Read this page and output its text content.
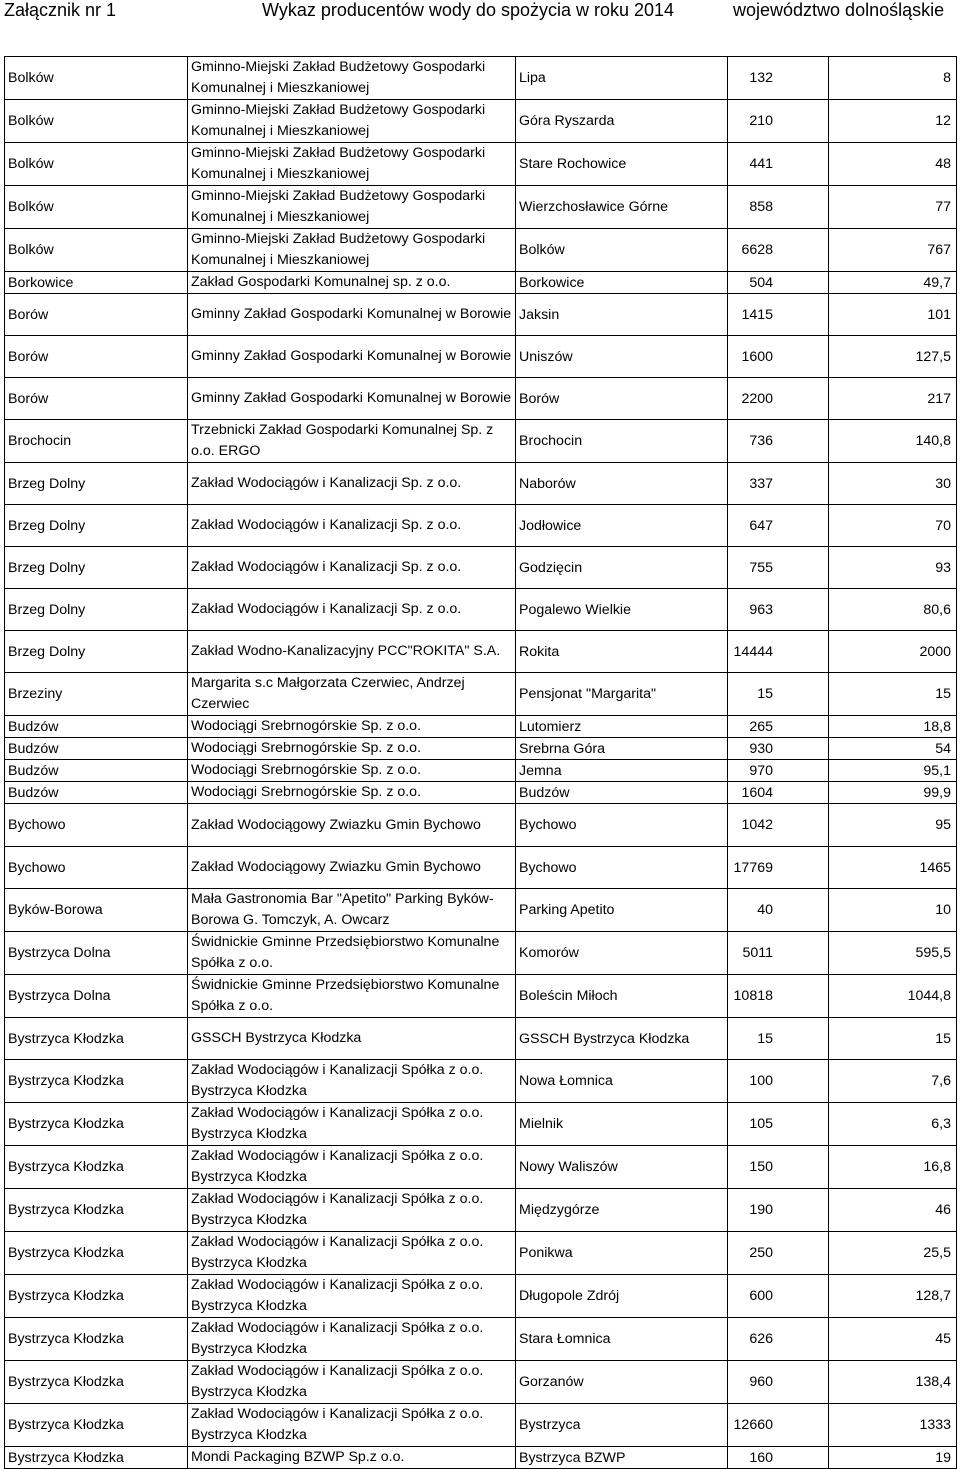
Załącznik nr 1	Wykaz producentów wody do spożycia w roku 2014	województwo dolnośląskie
Bolków	Gminno-Miejski Zakład Budżetowy Gospodarki Komunalnej i Mieszkaniowej	Lipa	132	8
Bolków	Gminno-Miejski Zakład Budżetowy Gospodarki Komunalnej i Mieszkaniowej	Góra Ryszarda	210	12
Bolków	Gminno-Miejski Zakład Budżetowy Gospodarki Komunalnej i Mieszkaniowej	Stare Rochowice	441	48
Bolków	Gminno-Miejski Zakład Budżetowy Gospodarki Komunalnej i Mieszkaniowej	Wierzchosławice Górne	858	77
Bolków	Gminno-Miejski Zakład Budżetowy Gospodarki Komunalnej i Mieszkaniowej	Bolków	6628	767
Borkowice	Zakład Gospodarki Komunalnej sp. z o.o.	Borkowice	504	49,7
Borów	Gminny Zakład Gospodarki Komunalnej w Borowie	Jaksin	1415	101
Borów	Gminny Zakład Gospodarki Komunalnej w Borowie	Uniszów	1600	127,5
Borów	Gminny Zakład Gospodarki Komunalnej w Borowie	Borów	2200	217
Brochocin	Trzebnicki Zakład Gospodarki Komunalnej Sp. z o.o. ERGO	Brochocin	736	140,8
Brzeg Dolny	Zakład Wodociągów i Kanalizacji Sp. z o.o.	Naborów	337	30
Brzeg Dolny	Zakład Wodociągów i Kanalizacji Sp. z o.o.	Jodłowice	647	70
Brzeg Dolny	Zakład Wodociągów i Kanalizacji Sp. z o.o.	Godzięcin	755	93
Brzeg Dolny	Zakład Wodociągów i Kanalizacji Sp. z o.o.	Pogalewo Wielkie	963	80,6
Brzeg Dolny	Zakład Wodno-Kanalizacyjny PCC"ROKITA" S.A.	Rokita	14444	2000
Brzeziny	Margarita s.c Małgorzata Czerwiec, Andrzej Czerwiec	Pensjonat "Margarita"	15	15
Budzów	Wodociągi Srebrnogórskie Sp. z o.o.	Lutomierz	265	18,8
Budzów	Wodociągi Srebrnogórskie Sp. z o.o.	Srebrna Góra	930	54
Budzów	Wodociągi Srebrnogórskie Sp. z o.o.	Jemna	970	95,1
Budzów	Wodociągi Srebrnogórskie Sp. z o.o.	Budzów	1604	99,9
Bychowo	Zakład Wodociągowy Zwiazku Gmin Bychowo	Bychowo	1042	95
Bychowo	Zakład Wodociągowy Zwiazku Gmin Bychowo	Bychowo	17769	1465
Byków-Borowa	Mała Gastronomia Bar "Apetito" Parking Byków-Borowa G. Tomczyk, A. Owcarz	Parking Apetito	40	10
Bystrzyca Dolna	Świdnickie Gminne Przedsiębiorstwo Komunalne Spółka z o.o.	Komorów	5011	595,5
Bystrzyca Dolna	Świdnickie Gminne Przedsiębiorstwo Komunalne Spółka z o.o.	Boleścin Miłoch	10818	1044,8
Bystrzyca Kłodzka	GSSCH Bystrzyca Kłodzka	GSSCH Bystrzyca Kłodzka	15	15
Bystrzyca Kłodzka	Zakład Wodociągów i Kanalizacji Spółka z o.o. Bystrzyca Kłodzka	Nowa Łomnica	100	7,6
Bystrzyca Kłodzka	Zakład Wodociągów i Kanalizacji Spółka z o.o. Bystrzyca Kłodzka	Mielnik	105	6,3
Bystrzyca Kłodzka	Zakład Wodociągów i Kanalizacji Spółka z o.o. Bystrzyca Kłodzka	Nowy Waliszów	150	16,8
Bystrzyca Kłodzka	Zakład Wodociągów i Kanalizacji Spółka z o.o. Bystrzyca Kłodzka	Międzygórze	190	46
Bystrzyca Kłodzka	Zakład Wodociągów i Kanalizacji Spółka z o.o. Bystrzyca Kłodzka	Ponikwa	250	25,5
Bystrzyca Kłodzka	Zakład Wodociągów i Kanalizacji Spółka z o.o. Bystrzyca Kłodzka	Długopole Zdrój	600	128,7
Bystrzyca Kłodzka	Zakład Wodociągów i Kanalizacji Spółka z o.o. Bystrzyca Kłodzka	Stara Łomnica	626	45
Bystrzyca Kłodzka	Zakład Wodociągów i Kanalizacji Spółka z o.o. Bystrzyca Kłodzka	Gorzanów	960	138,4
Bystrzyca Kłodzka	Zakład Wodociągów i Kanalizacji Spółka z o.o. Bystrzyca Kłodzka	Bystrzyca	12660	1333
Bystrzyca Kłodzka	Mondi Packaging BZWP Sp.z o.o.	Bystrzyca BZWP	160	19
